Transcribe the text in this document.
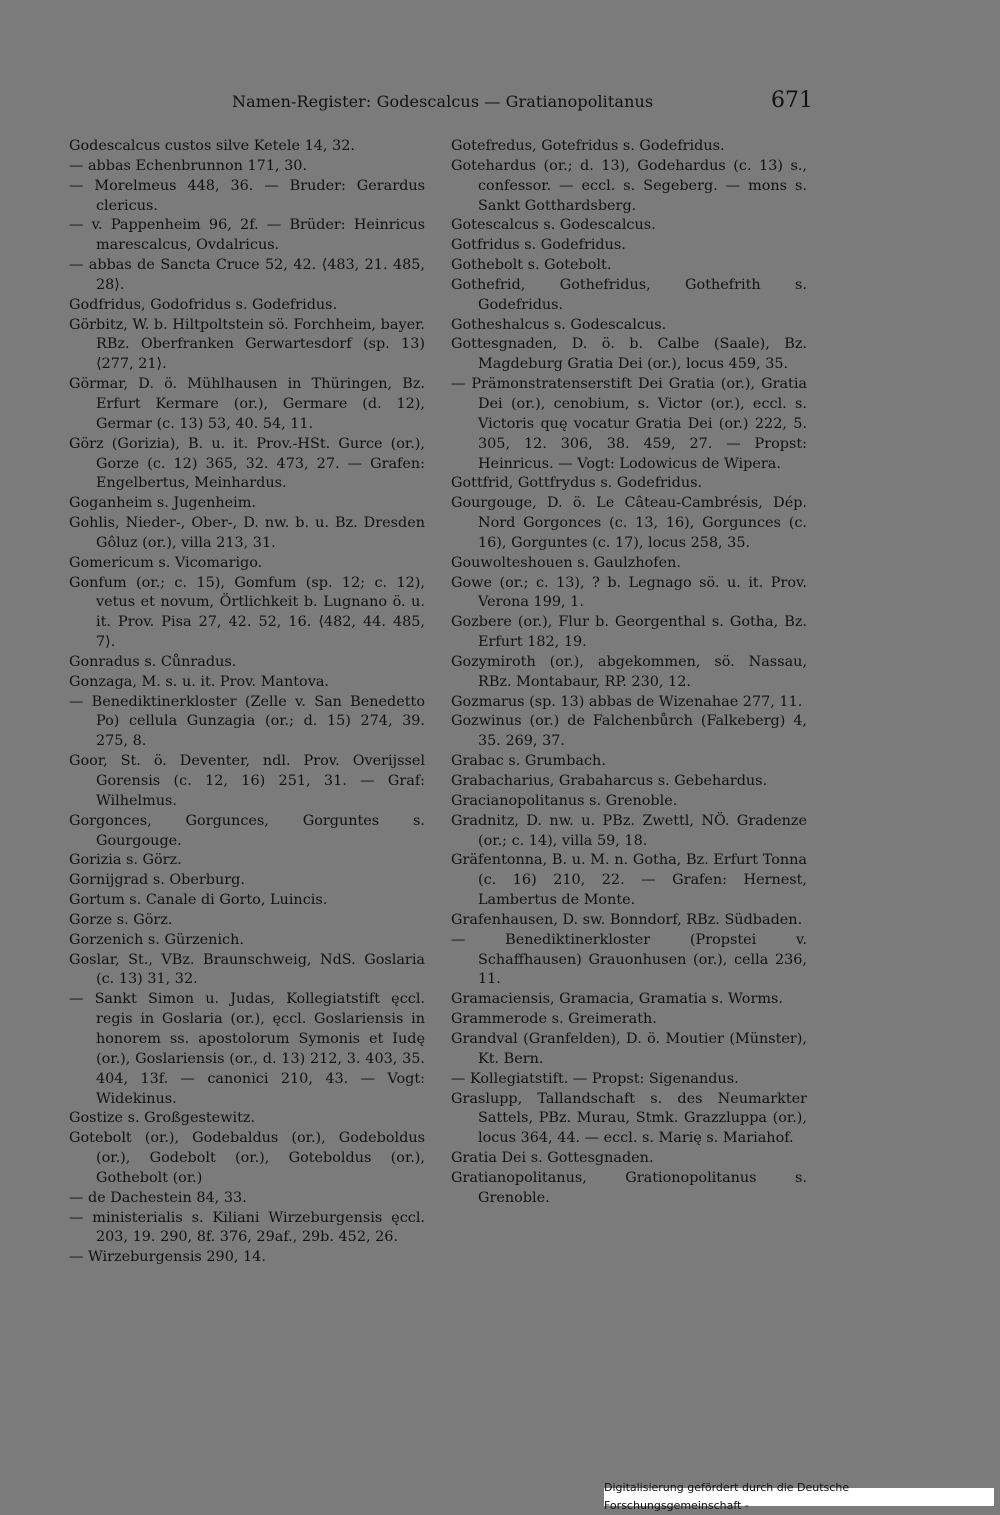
Namen-Register: Godescalcus — Gratianopolitanus	671

Godescalcus custos silve Ketele 14, 32.

— abbas Echenbrunnon 171, 30.

— Morelmeus 448, 36. — Bruder: Gerardus clericus.

— v. Pappenheim 96, 2f. — Brüder: Heinricus marescalcus, Ovdalricus.

— abbas de Sancta Cruce 52, 42. ⟨483, 21. 485, 28⟩.

Godfridus, Godofridus s. Godefridus.

Görbitz, W. b. Hiltpoltstein sö. Forchheim, bayer. RBz. Oberfranken Gerwartesdorf (sp. 13) ⟨277, 21⟩.

Görmar, D. ö. Mühlhausen in Thüringen, Bz. Erfurt Kermare (or.), Germare (d. 12), Germar (c. 13) 53, 40. 54, 11.

Görz (Gorizia), B. u. it. Prov.-HSt. Gurce (or.), Gorze (c. 12) 365, 32. 473, 27. — Grafen: Engelbertus, Meinhardus.

Goganheim s. Jugenheim.

Gohlis, Nieder-, Ober-, D. nw. b. u. Bz. Dresden Gôluz (or.), villa 213, 31.

Gomericum s. Vicomarigo.

Gonfum (or.; c. 15), Gomfum (sp. 12; c. 12), vetus et novum, Örtlichkeit b. Lugnano ö. u. it. Prov. Pisa 27, 42. 52, 16. ⟨482, 44. 485, 7⟩.

Gonradus s. Cůnradus.

Gonzaga, M. s. u. it. Prov. Mantova.

— Benediktinerkloster (Zelle v. San Benedetto Po) cellula Gunzagia (or.; d. 15) 274, 39. 275, 8.

Goor, St. ö. Deventer, ndl. Prov. Overijssel Gorensis (c. 12, 16) 251, 31. — Graf: Wilhelmus.

Gorgonces, Gorgunces, Gorguntes s. Gourgouge.

Gorizia s. Görz.

Gornijgrad s. Oberburg.

Gortum s. Canale di Gorto, Luincis.

Gorze s. Görz.

Gorzenich s. Gürzenich.

Goslar, St., VBz. Braunschweig, NdS. Goslaria (c. 13) 31, 32.

— Sankt Simon u. Judas, Kollegiatstift ęccl. regis in Goslaria (or.), ęccl. Goslariensis in honorem ss. apostolorum Symonis et Iudę (or.), Goslariensis (or., d. 13) 212, 3. 403, 35. 404, 13f. — canonici 210, 43. — Vogt: Widekinus.

Gostize s. Großgestewitz.

Gotebolt (or.), Godebaldus (or.), Godeboldus (or.), Godebolt (or.), Goteboldus (or.), Gothebolt (or.)

— de Dachestein 84, 33.

— ministerialis s. Kiliani Wirzeburgensis ęccl. 203, 19. 290, 8f. 376, 29af., 29b. 452, 26.

— Wirzeburgensis 290, 14.

Gotefredus, Gotefridus s. Godefridus.

Gotehardus (or.; d. 13), Godehardus (c. 13) s., confessor. — eccl. s. Segeberg. — mons s. Sankt Gotthardsberg.

Gotescalcus s. Godescalcus.

Gotfridus s. Godefridus.

Gothebolt s. Gotebolt.

Gothefrid, Gothefridus, Gothefrith s. Godefridus.

Gotheshalcus s. Godescalcus.

Gottesgnaden, D. ö. b. Calbe (Saale), Bz. Magdeburg Gratia Dei (or.), locus 459, 35.

— Prämonstratenserstift Dei Gratia (or.), Gratia Dei (or.), cenobium, s. Victor (or.), eccl. s. Victoris quę vocatur Gratia Dei (or.) 222, 5. 305, 12. 306, 38. 459, 27. — Propst: Heinricus. — Vogt: Lodowicus de Wipera.

Gottfrid, Gottfrydus s. Godefridus.

Gourgouge, D. ö. Le Câteau-Cambrésis, Dép. Nord Gorgonces (c. 13, 16), Gorgunces (c. 16), Gorguntes (c. 17), locus 258, 35.

Gouwolteshouen s. Gaulzhofen.

Gowe (or.; c. 13), ? b. Legnago sö. u. it. Prov. Verona 199, 1.

Gozbere (or.), Flur b. Georgenthal s. Gotha, Bz. Erfurt 182, 19.

Gozymiroth (or.), abgekommen, sö. Nassau, RBz. Montabaur, RP. 230, 12.

Gozmarus (sp. 13) abbas de Wizenahae 277, 11.

Gozwinus (or.) de Falchenbůrch (Falkeberg) 4, 35. 269, 37.

Grabac s. Grumbach.

Grabacharius, Grabaharcus s. Gebehardus.

Gracianopolitanus s. Grenoble.

Gradnitz, D. nw. u. PBz. Zwettl, NÖ. Gradenze (or.; c. 14), villa 59, 18.

Gräfentonna, B. u. M. n. Gotha, Bz. Erfurt Tonna (c. 16) 210, 22. — Grafen: Hernest, Lambertus de Monte.

Grafenhausen, D. sw. Bonndorf, RBz. Südbaden.

— Benediktinerkloster (Propstei v. Schaffhausen) Grauonhusen (or.), cella 236, 11.

Gramaciensis, Gramacia, Gramatia s. Worms.

Grammerode s. Greimerath.

Grandval (Granfelden), D. ö. Moutier (Münster), Kt. Bern.

— Kollegiatstift. — Propst: Sigenandus.

Graslupp, Tallandschaft s. des Neumarkter Sattels, PBz. Murau, Stmk. Grazzluppa (or.), locus 364, 44. — eccl. s. Marię s. Mariahof.

Gratia Dei s. Gottesgnaden.

Gratianopolitanus, Grationopolitanus s. Grenoble.

Digitalisierung gefördert durch die Deutsche Forschungsgemeinschaft -
